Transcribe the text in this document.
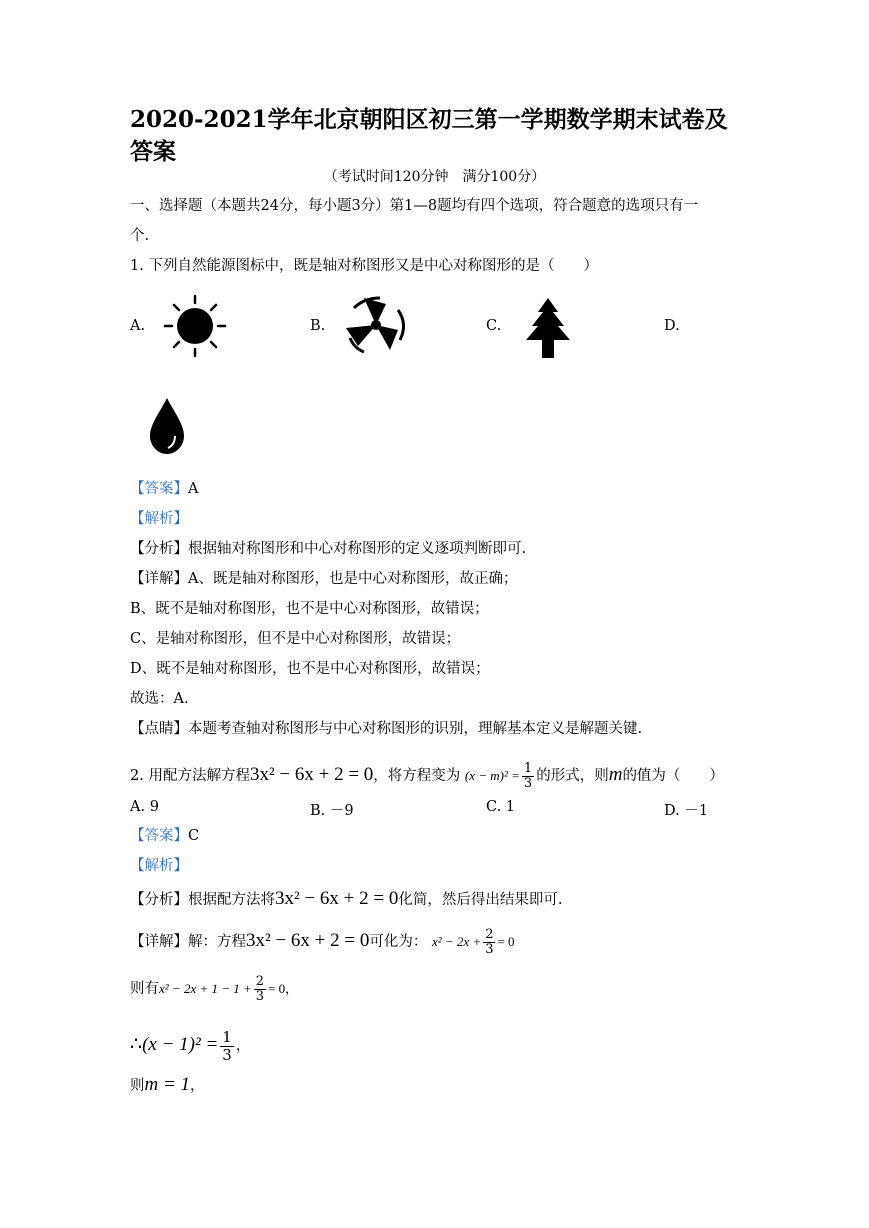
2020-2021学年北京朝阳区初三第一学期数学期末试卷及答案
（考试时间120分钟　满分100分）
一、选择题（本题共24分，每小题3分）第1—8题均有四个选项，符合题意的选项只有一
个.
1. 下列自然能源图标中，既是轴对称图形又是中心对称图形的是（　　）
A.	B.	C.	D.
【答案】A
【解析】
【分析】根据轴对称图形和中心对称图形的定义逐项判断即可.
【详解】A、既是轴对称图形，也是中心对称图形，故正确；
B、既不是轴对称图形，也不是中心对称图形，故错误；
C、是轴对称图形，但不是中心对称图形，故错误；
D、既不是轴对称图形，也不是中心对称图形，故错误；
故选：A.
【点睛】本题考查轴对称图形与中心对称图形的识别，理解基本定义是解题关键.
2. 用配方法解方程3x² − 6x + 2 = 0，将方程变为 $(x - m)^2 = \frac{1}{3}$ 的形式，则m的值为（　　）
A. 9	B. －9	C. 1	D. －1
【答案】C
【解析】
【分析】根据配方法将3x² − 6x + 2 = 0化简，然后得出结果即可.
【详解】解：方程3x² − 6x + 2 = 0可化为： $x^2 - 2x + \frac{2}{3} = 0$
则有$x^2 - 2x + 1 - 1 + \frac{2}{3} = 0$，
∴(x − $1)^2 = \frac{1}{3}$ ，
则m = 1，
